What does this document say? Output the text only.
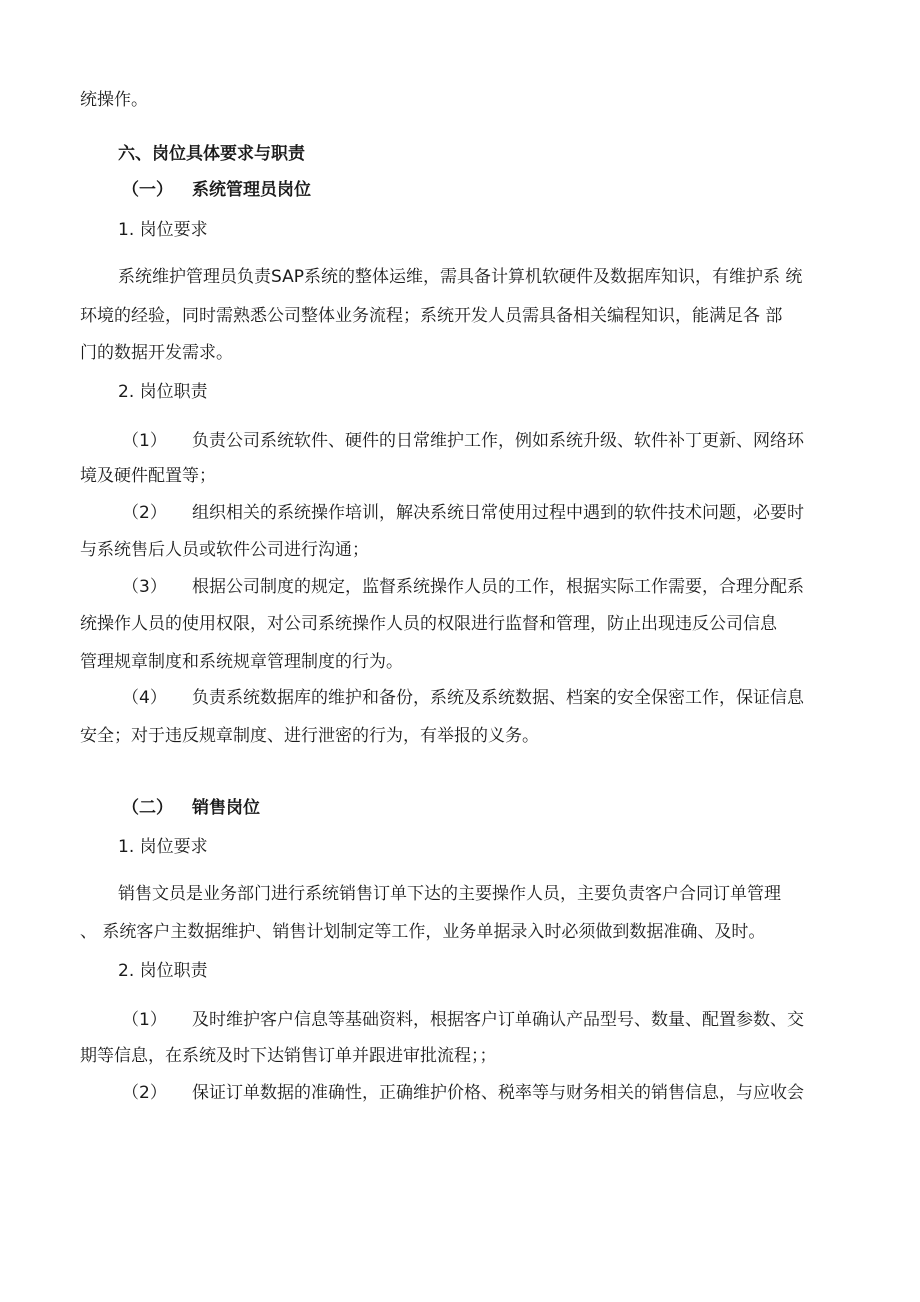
统操作。

六、岗位具体要求与职责

（一） 系统管理员岗位

1. 岗位要求

系统维护管理员负责SAP系统的整体运维，需具备计算机软硬件及数据库知识，有维护系 统

环境的经验，同时需熟悉公司整体业务流程；系统开发人员需具备相关编程知识，能满足各 部

门的数据开发需求。

2. 岗位职责

（1） 负责公司系统软件、硬件的日常维护工作，例如系统升级、软件补丁更新、网络环

境及硬件配置等；

（2） 组织相关的系统操作培训，解决系统日常使用过程中遇到的软件技术问题，必要时

与系统售后人员或软件公司进行沟通；

（3） 根据公司制度的规定，监督系统操作人员的工作，根据实际工作需要，合理分配系

统操作人员的使用权限，对公司系统操作人员的权限进行监督和管理，防止出现违反公司信息

管理规章制度和系统规章管理制度的行为。

（4） 负责系统数据库的维护和备份，系统及系统数据、档案的安全保密工作，保证信息

安全；对于违反规章制度、进行泄密的行为，有举报的义务。

（二） 销售岗位

1. 岗位要求

销售文员是业务部门进行系统销售订单下达的主要操作人员，主要负责客户合同订单管理

、 系统客户主数据维护、销售计划制定等工作，业务单据录入时必须做到数据准确、及时。

2. 岗位职责

（1） 及时维护客户信息等基础资料，根据客户订单确认产品型号、数量、配置参数、交

期等信息，在系统及时下达销售订单并跟进审批流程；；

（2） 保证订单数据的准确性，正确维护价格、税率等与财务相关的销售信息，与应收会
